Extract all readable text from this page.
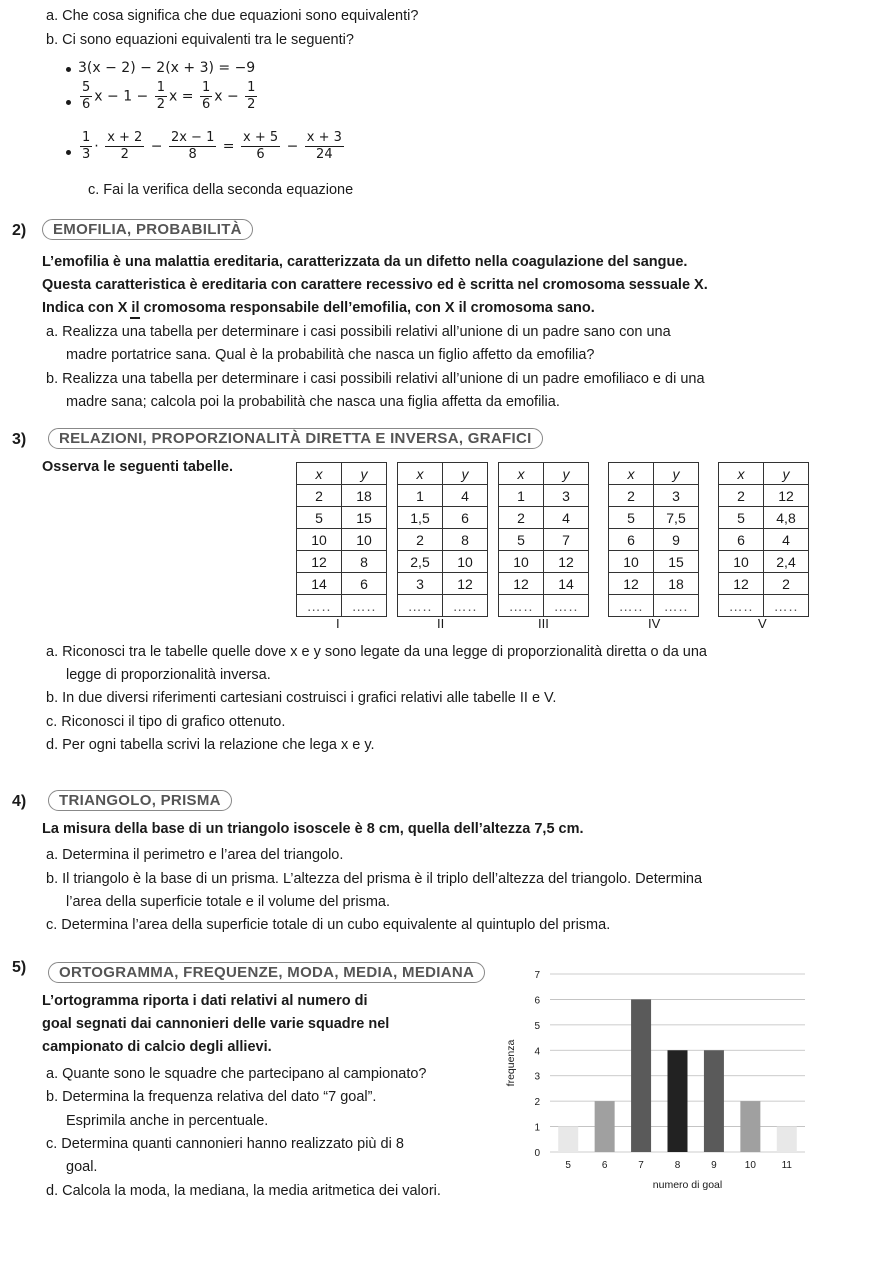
a. Che cosa significa che due equazioni sono equivalenti?
b. Ci sono equazioni equivalenti tra le seguenti?
3(x − 2) − 2(x + 3) = −9
$\frac{5}{6}$ $x - 1 - \frac{1}{2}$ $x = \frac{1}{6}$ $x - \frac{1}{2}$
$\frac{1}{3} \cdot \frac{x + 2}{2} - \frac{2x - 1}{8} = \frac{x + 5}{6} - \frac{x + 3}{24}$
c. Fai la verifica della seconda equazione
2)	EMOFILIA, PROBABILITÀ
L’emofilia è una malattia ereditaria, caratterizzata da un difetto nella coagulazione del sangue.
Questa caratteristica è ereditaria con carattere recessivo ed è scritta nel cromosoma sessuale X.
Indica con X il cromosoma responsabile dell’emofilia, con X il cromosoma sano.
a. Realizza una tabella per determinare i casi possibili relativi all’unione di un padre sano con una
madre portatrice sana. Qual è la probabilità che nasca un figlio affetto da emofilia?
b. Realizza una tabella per determinare i casi possibili relativi all’unione di un padre emofiliaco e di una
madre sana; calcola poi la probabilità che nasca una figlia affetta da emofilia.
3)	RELAZIONI, PROPORZIONALITÀ DIRETTA E INVERSA, GRAFICI
Osserva le seguenti tabelle.	x	y
2	18
5	15
10	10
12	8
14	6
…..	…..
I
x	y
1	4
1,5	6
2	8
2,5	10
3	12
…..	…..
II
x	y
1	3
2	4
5	7
10	12
12	14
…..	…..
III
x	y
2	3
5	7,5
6	9
10	15
12	18
…..	…..
IV
x	y
2	12
5	4,8
6	4
10	2,4
12	2
…..	…..
V
a. Riconosci tra le tabelle quelle dove x e y sono legate da una legge di proporzionalità diretta o da una
legge di proporzionalità inversa.
b. In due diversi riferimenti cartesiani costruisci i grafici relativi alle tabelle II e V.
c. Riconosci il tipo di grafico ottenuto.
d. Per ogni tabella scrivi la relazione che lega x e y.
4)	TRIANGOLO, PRISMA
La misura della base di un triangolo isoscele è 8 cm, quella dell’altezza 7,5 cm.
a. Determina il perimetro e l’area del triangolo.
b. Il triangolo è la base di un prisma. L’altezza del prisma è il triplo dell’altezza del triangolo. Determina
l’area della superficie totale e il volume del prisma.
c. Determina l’area della superficie totale di un cubo equivalente al quintuplo del prisma.
5)	ORTOGRAMMA, FREQUENZE, MODA, MEDIA, MEDIANA
L’ortogramma riporta i dati relativi al numero di
goal segnati dai cannonieri delle varie squadre nel
campionato di calcio degli allievi.
a. Quante sono le squadre che partecipano al campionato?
b. Determina la frequenza relativa del dato “7 goal”.
Esprimila anche in percentuale.
c. Determina quanti cannonieri hanno realizzato più di 8
goal.
d. Calcola la moda, la mediana, la media aritmetica dei valori.
0
1
2
3
4
5
6
7
5	6	7	8	9	10	11
numero di goal
frequenza
